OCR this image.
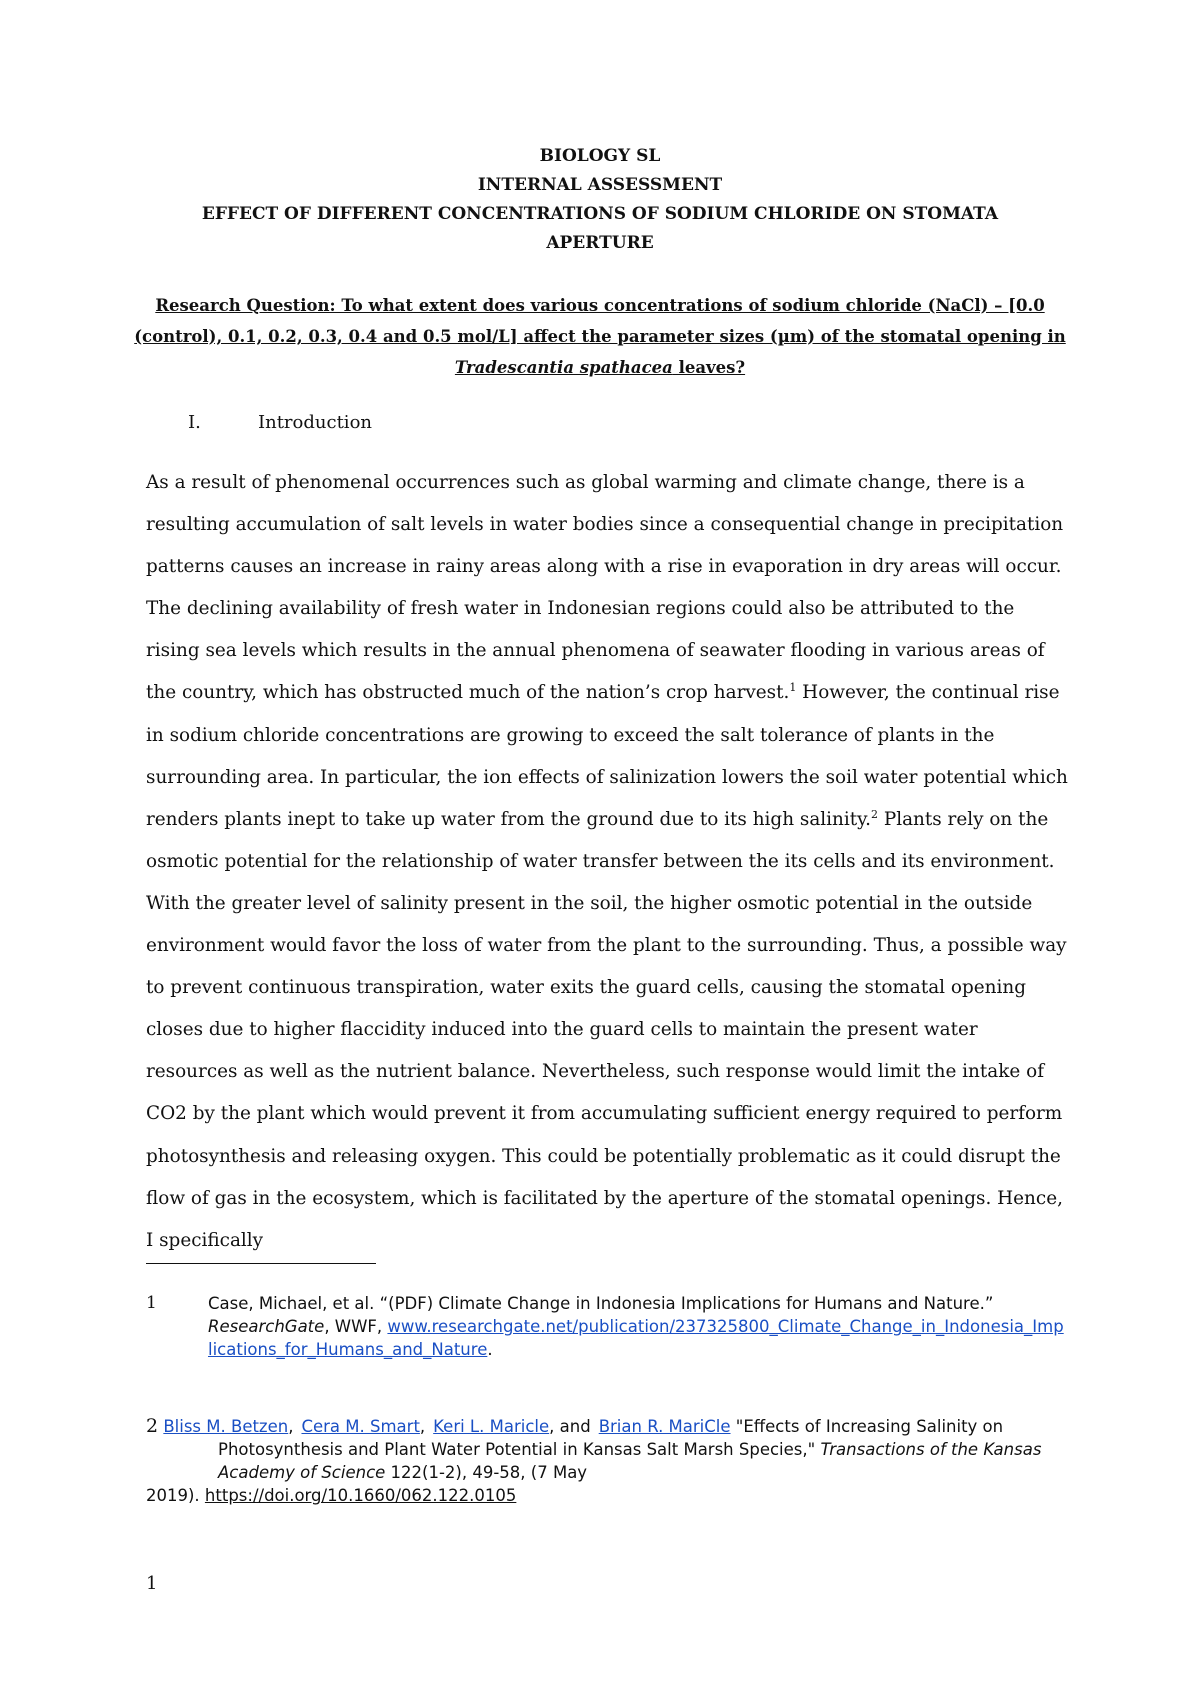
BIOLOGY SL
INTERNAL ASSESSMENT
EFFECT OF DIFFERENT CONCENTRATIONS OF SODIUM CHLORIDE ON STOMATA
APERTURE
Research Question: To what extent does various concentrations of sodium chloride (NaCl) – [0.0 (control), 0.1, 0.2, 0.3, 0.4 and 0.5 mol/L] affect the parameter sizes (µm) of the stomatal opening in Tradescantia spathacea leaves?
I.	Introduction

As a result of phenomenal occurrences such as global warming and climate change, there is a resulting accumulation of salt levels in water bodies since a consequential change in precipitation patterns causes an increase in rainy areas along with a rise in evaporation in dry areas will occur. The declining availability of fresh water in Indonesian regions could also be attributed to the rising sea levels which results in the annual phenomena of seawater flooding in various areas of the country, which has obstructed much of the nation’s crop harvest.$^1$ However, the continual rise in sodium chloride concentrations are growing to exceed the salt tolerance of plants in the surrounding area. In particular, the ion effects of salinization lowers the soil water potential which renders plants inept to take up water from the ground due to its high salinity.$^2$ Plants rely on the osmotic potential for the relationship of water transfer between the its cells and its environment. With the greater level of salinity present in the soil, the higher osmotic potential in the outside environment would favor the loss of water from the plant to the surrounding. Thus, a possible way to prevent continuous transpiration, water exits the guard cells, causing the stomatal opening closes due to higher flaccidity induced into the guard cells to maintain the present water resources as well as the nutrient balance. Nevertheless, such response would limit the intake of CO2 by the plant which would prevent it from accumulating sufficient energy required to perform photosynthesis and releasing oxygen. This could be potentially problematic as it could disrupt the flow of gas in the ecosystem, which is facilitated by the aperture of the stomatal openings. Hence, I specifically

1	Case, Michael, et al. “(PDF) Climate Change in Indonesia Implications for Humans and Nature.” ResearchGate, WWF, www.researchgate.net/publication/237325800_Climate_Change_in_Indonesia_Implications_for_Humans_and_Nature.
2 Bliss M. Betzen, Cera M. Smart, Keri L. Maricle, and Brian R. MariCle "Effects of Increasing Salinity on
Photosynthesis and Plant Water Potential in Kansas Salt Marsh Species," Transactions of the Kansas
Academy of Science 122(1-2), 49-58, (7 May
2019). https://doi.org/10.1660/062.122.0105
1
